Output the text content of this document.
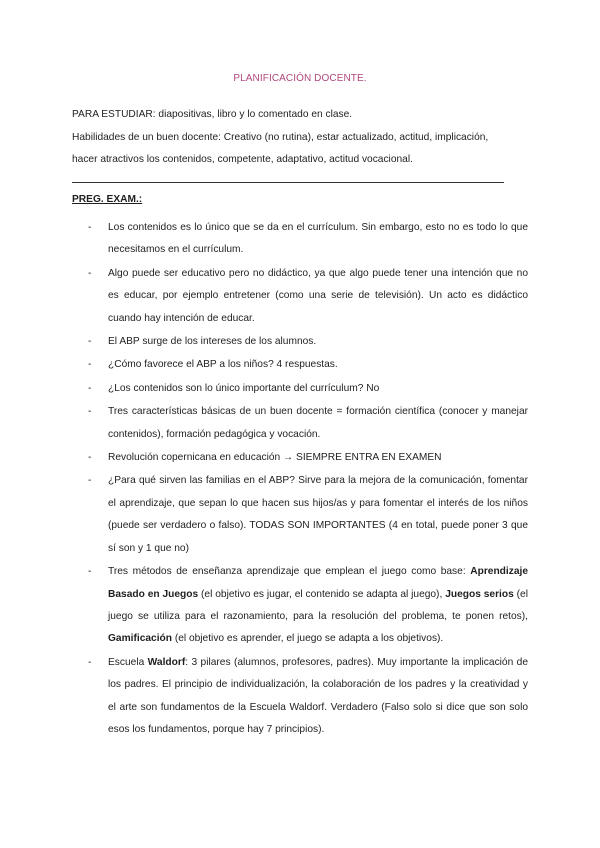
PLANIFICACIÓN DOCENTE.
PARA ESTUDIAR: diapositivas, libro y lo comentado en clase.
Habilidades de un buen docente: Creativo (no rutina), estar actualizado, actitud, implicación,
hacer atractivos los contenidos, competente, adaptativo, actitud vocacional.
PREG. EXAM.:
-	Los contenidos es lo único que se da en el currículum. Sin embargo, esto no es todo lo que necesitamos en el currículum.
-	Algo puede ser educativo pero no didáctico, ya que algo puede tener una intención que no es educar, por ejemplo entretener (como una serie de televisión). Un acto es didáctico cuando hay intención de educar.
-	El ABP surge de los intereses de los alumnos.
-	¿Cómo favorece el ABP a los niños? 4 respuestas.
-	¿Los contenidos son lo único importante del currículum? No
-	Tres características básicas de un buen docente = formación científica (conocer y manejar contenidos), formación pedagógica y vocación.
-	Revolución copernicana en educación → SIEMPRE ENTRA EN EXAMEN
-	¿Para qué sirven las familias en el ABP? Sirve para la mejora de la comunicación, fomentar el aprendizaje, que sepan lo que hacen sus hijos/as y para fomentar el interés de los niños (puede ser verdadero o falso). TODAS SON IMPORTANTES (4 en total, puede poner 3 que sí son y 1 que no)
-	Tres métodos de enseñanza aprendizaje que emplean el juego como base: Aprendizaje Basado en Juegos (el objetivo es jugar, el contenido se adapta al juego), Juegos serios (el juego se utiliza para el razonamiento, para la resolución del problema, te ponen retos), Gamificación (el objetivo es aprender, el juego se adapta a los objetivos).
-	Escuela Waldorf: 3 pilares (alumnos, profesores, padres). Muy importante la implicación de los padres. El principio de individualización, la colaboración de los padres y la creatividad y el arte son fundamentos de la Escuela Waldorf. Verdadero (Falso solo si dice que son solo esos los fundamentos, porque hay 7 principios).
